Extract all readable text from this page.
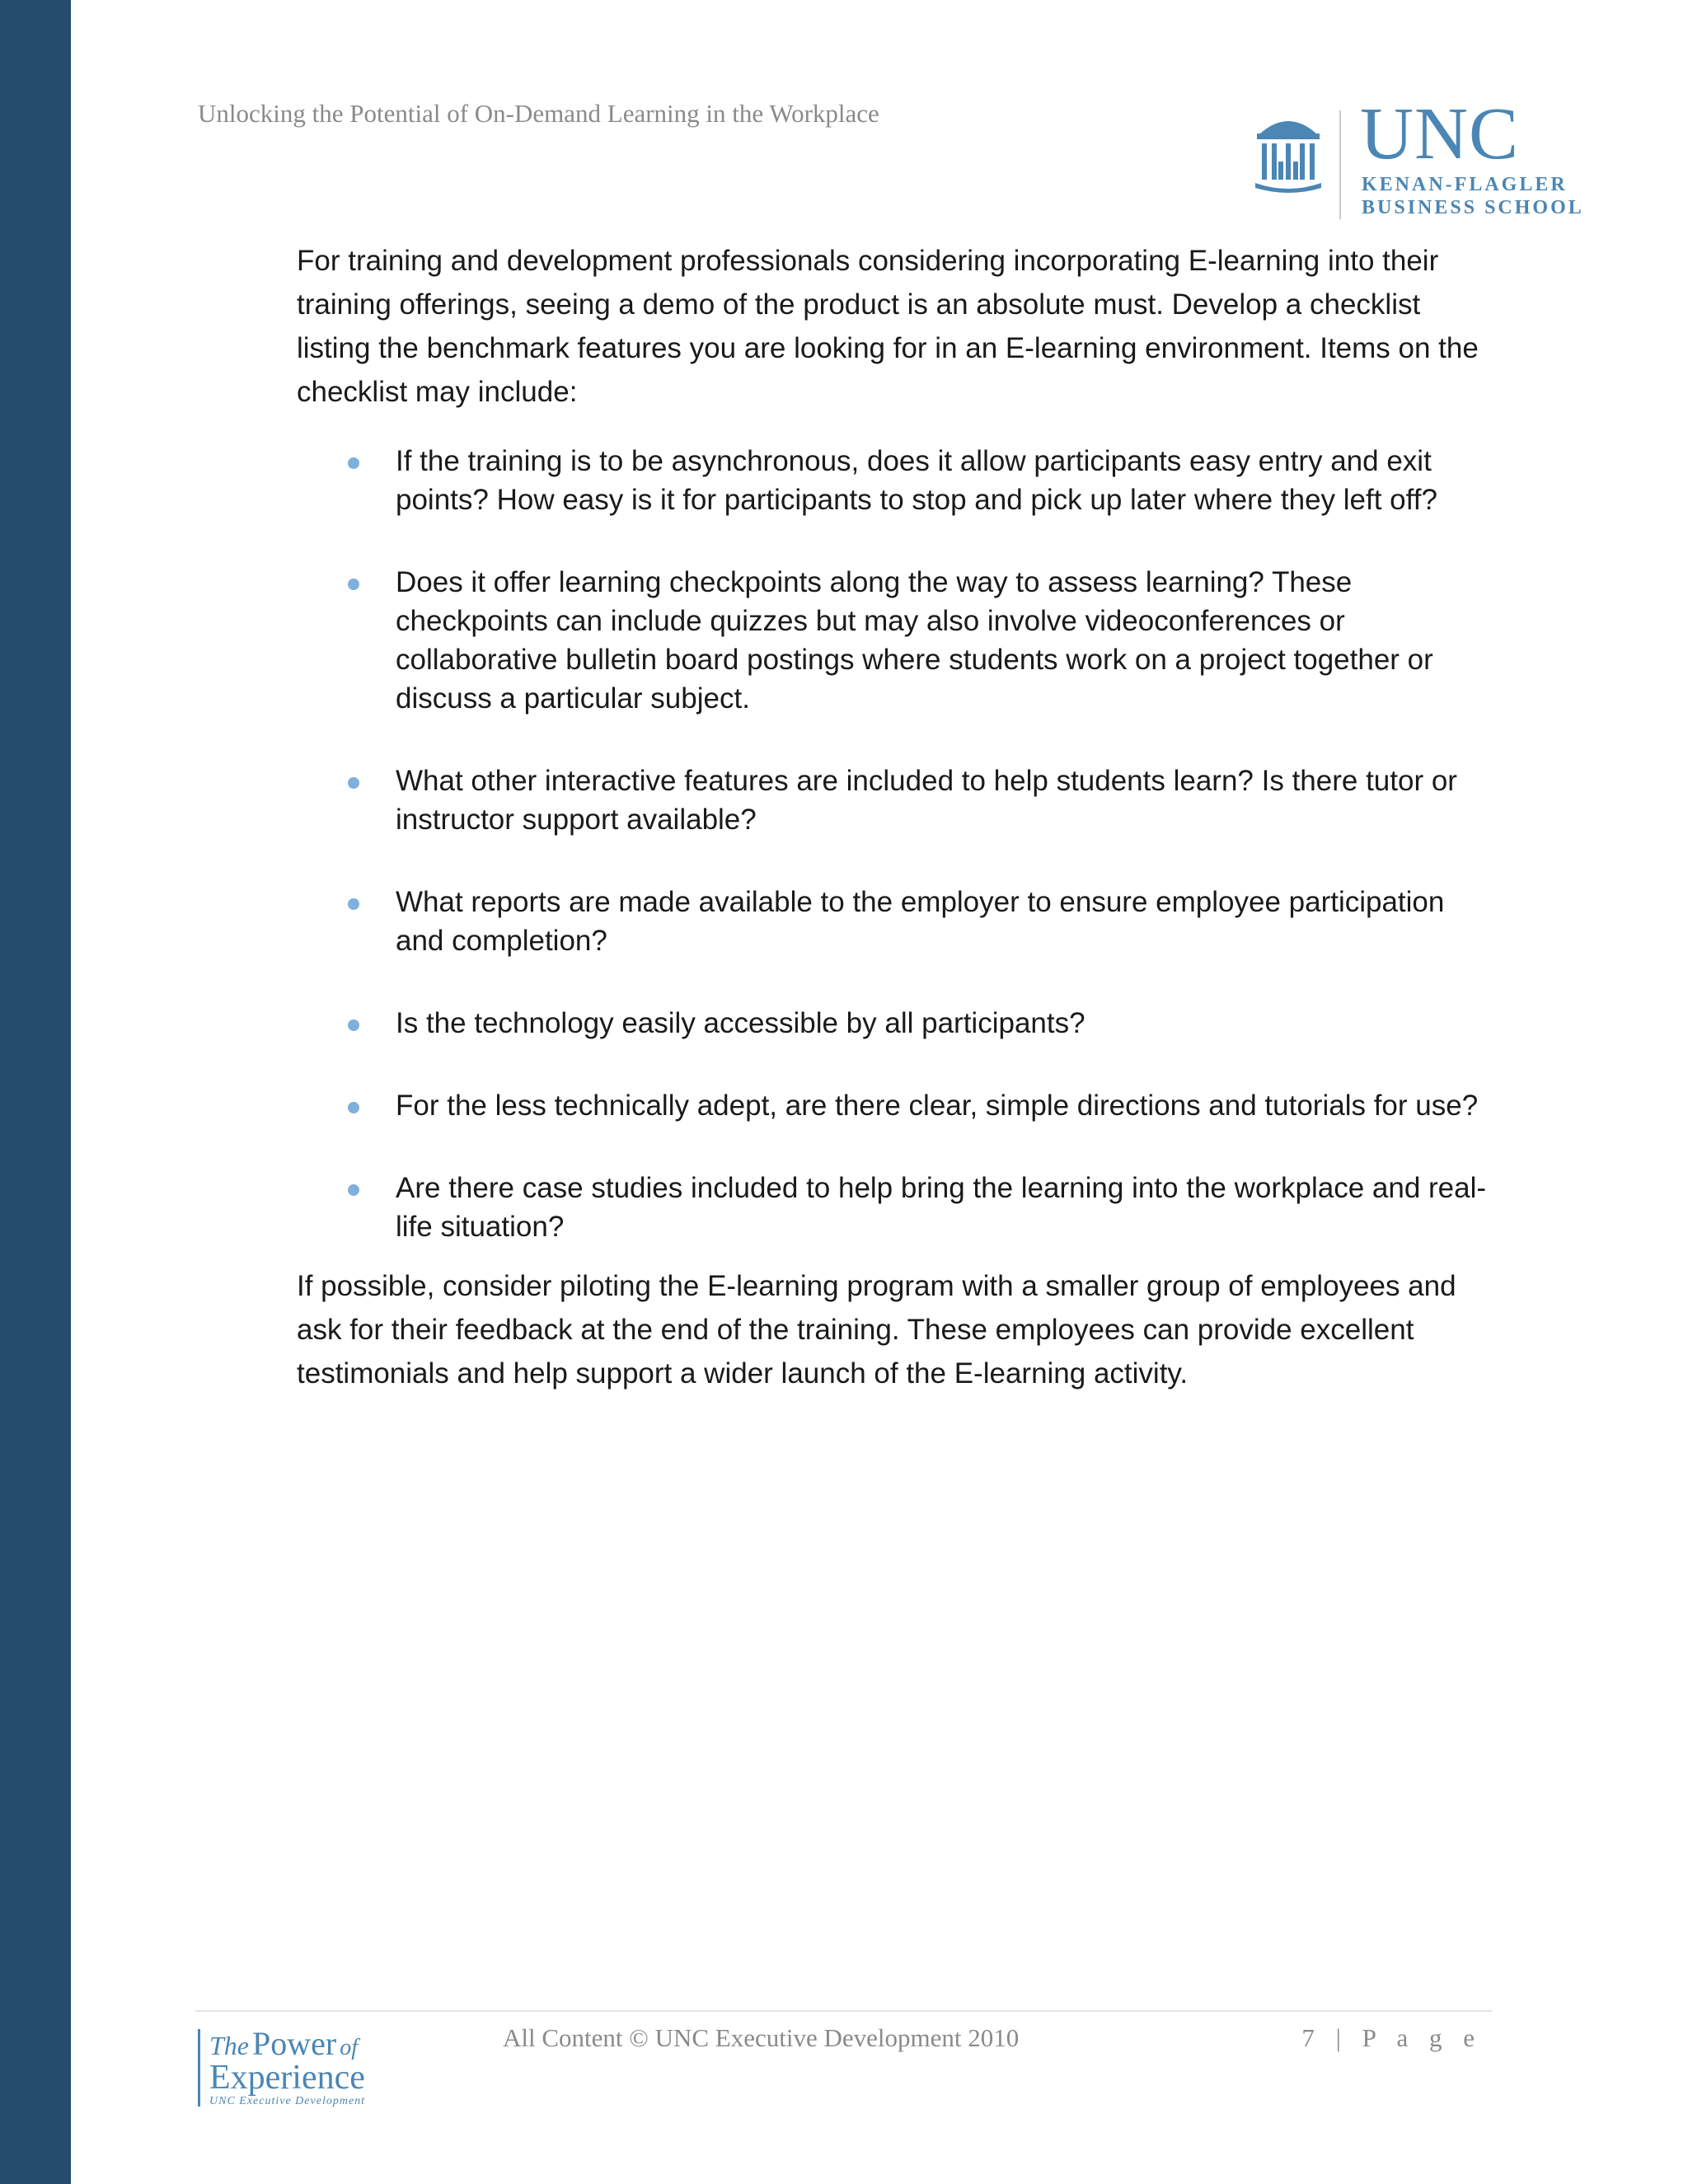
Unlocking the Potential of On-Demand Learning in the Workplace	UNC
KENAN-FLAGLER
BUSINESS SCHOOL

For training and development professionals considering incorporating E-learning into their training offerings, seeing a demo of the product is an absolute must. Develop a checklist listing the benchmark features you are looking for in an E-learning environment. Items on the checklist may include:

If the training is to be asynchronous, does it allow participants easy entry and exit points? How easy is it for participants to stop and pick up later where they left off?
Does it offer learning checkpoints along the way to assess learning? These checkpoints can include quizzes but may also involve videoconferences or collaborative bulletin board postings where students work on a project together or discuss a particular subject.
What other interactive features are included to help students learn? Is there tutor or instructor support available?
What reports are made available to the employer to ensure employee participation and completion?
Is the technology easily accessible by all participants?
For the less technically adept, are there clear, simple directions and tutorials for use?
Are there case studies included to help bring the learning into the workplace and real-life situation?

If possible, consider piloting the E-learning program with a smaller group of employees and ask for their feedback at the end of the training. These employees can provide excellent testimonials and help support a wider launch of the E-learning activity.

The Power of
Experience
UNC Executive Development
All Content © UNC Executive Development 2010	7 | P a g e
